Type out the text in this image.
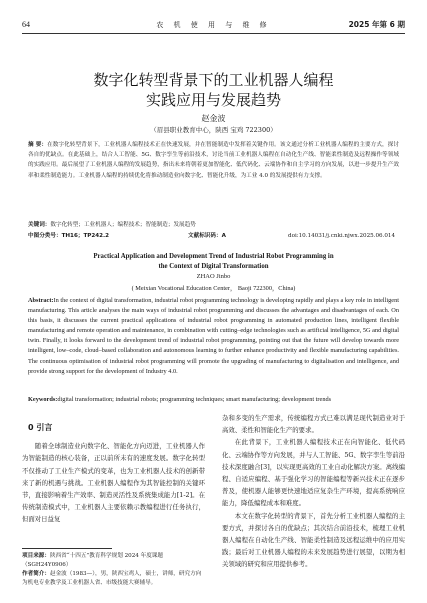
64	农 机 使 用 与 维 修	2025 年第 6 期
数字化转型背景下的工业机器人编程
实践应用与发展趋势
赵金波
（眉县职业教育中心，陕西 宝鸡 722300）
摘 要：在数字化转型背景下，工业机器人编程技术正在快速发展，并在智能制造中发挥着关键作用。该文通过分析工业机器人编程的主要方式，探讨各自的优缺点。在此基础上，结合人工智能、5G、数字孪生等前沿技术，讨论当前工业机器人编程在自动化生产线、智能柔性制造及远程操作等领域的实践应用。最后展望了工业机器人编程的发展趋势，指出未来将朝着更加智能化、低代码化、云端协作和自主学习的方向发展，以进一步提升生产效率和柔性制造能力。工业机器人编程的持续优化将推动制造业向数字化、智能化升级，为工业 4.0 的发展提供有力支撑。
关键词：数字化转型；工业机器人；编程技术；智能制造；发展趋势
中图分类号：TH16；TP242.2	文献标识码：A	doi:10.14031/j.cnki.njwx.2025.06.014
Practical Application and Development Trend of Industrial Robot Programming in
the Context of Digital Transformation
ZHAO Jinbo
( Meixian Vocational Education Center， Baoji 722300，China)
Abstract:In the context of digital transformation, industrial robot programming technology is developing rapidly and plays a key role in intelligent manufacturing. This article analyses the main ways of industrial robot programming and discusses the advantages and disadvantages of each. On this basis, it discusses the current practical applications of industrial robot programming in automated production lines, intelligent flexible manufacturing and remote operation and maintenance, in combination with cutting–edge technologies such as artificial intelligence, 5G and digital twin. Finally, it looks forward to the development trend of industrial robot programming, pointing out that the future will develop towards more intelligent, low–code, cloud–based collaboration and autonomous learning to further enhance productivity and flexible manufacturing capabilities. The continuous optimisation of industrial robot programming will promote the upgrading of manufacturing to digitalisation and intelligence, and provide strong support for the development of Industry 4.0.
Keywords:digital transformation; industrial robots; programming techniques; smart manufacturing; development trends
0 引言

随着全球制造业向数字化、智能化方向迈进，工业机器人作为智能制造的核心装备，正以前所未有的速度发展。数字化转型不仅推动了工业生产模式的变革，也为工业机器人技术的创新带来了新的机遇与挑战。工业机器人编程作为其智能控制的关键环节，直接影响着生产效率、制造灵活性及系统集成能力[1-2]。在传统制造模式中，工业机器人主要依赖示教编程进行任务执行，但面对日益复

杂和多变的生产需求，传统编程方式已难以满足现代制造业对于高效、柔性和智能化生产的要求。

在此背景下，工业机器人编程技术正在向智能化、低代码化、云端协作等方向发展，并与人工智能、5G、数字孪生等前沿技术深度融合[3]，以实现更高效的工业自动化解决方案。离线编程、自适应编程、基于强化学习的智能编程等新兴技术正在逐步普及，使机器人能够更快速地适应复杂生产环境，提高系统响应能力，降低编程成本和难度。

本文在数字化转型的背景下，首先分析工业机器人编程的主要方式，并探讨各自的优缺点；其次结合前沿技术，梳理工业机器人编程在自动化生产线、智能柔性制造及远程运维中的应用实践；最后对工业机器人编程的未来发展趋势进行展望，以期为相关领域的研究和应用提供参考。

项目来源：陕西省“十四五”教育科学规划 2024 年度课题（SGH24Y0906）
作者简介：赵金波（1983—），男，陕西宝鸡人，硕士，讲师，研究方向为机电专业教学及工业机器人省、市级技能大赛辅导。
